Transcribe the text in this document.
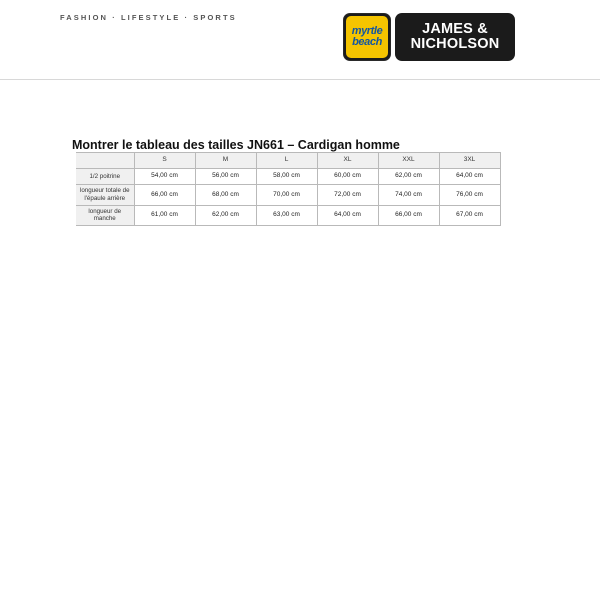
FASHION · LIFESTYLE · SPORTS
myrtle
beach
JAMES &
NICHOLSON
Montrer le tableau des tailles JN661 – Cardigan homme
	S	M	L	XL	XXL	3XL
1/2 poitrine	54,00 cm	56,00 cm	58,00 cm	60,00 cm	62,00 cm	64,00 cm
longueur totale de l'épaule arrière	66,00 cm	68,00 cm	70,00 cm	72,00 cm	74,00 cm	76,00 cm
longueur de manche	61,00 cm	62,00 cm	63,00 cm	64,00 cm	66,00 cm	67,00 cm
